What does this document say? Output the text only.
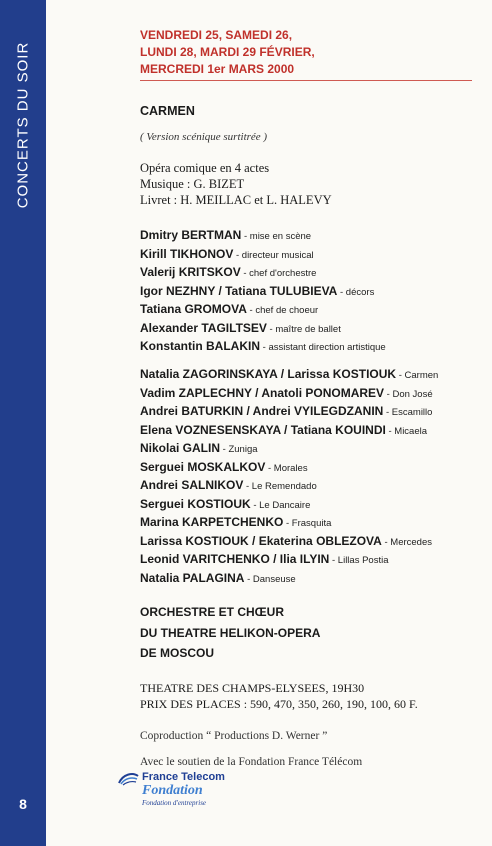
CONCERTS DU SOIR
8
VENDREDI 25, SAMEDI 26,
LUNDI 28, MARDI 29 FÉVRIER,
MERCREDI 1er MARS 2000
CARMEN
( Version scénique surtitrée )
Opéra comique en 4 actes
Musique : G. BIZET
Livret : H. MEILLAC et L. HALEVY
Dmitry BERTMAN - mise en scène
Kirill TIKHONOV - directeur musical
Valerij KRITSKOV - chef d'orchestre
Igor NEZHNY / Tatiana TULUBIEVA - décors
Tatiana GROMOVA - chef de choeur
Alexander TAGILTSEV - maître de ballet
Konstantin BALAKIN - assistant direction artistique
Natalia ZAGORINSKAYA / Larissa KOSTIOUK - Carmen
Vadim ZAPLECHNY / Anatoli PONOMAREV - Don José
Andrei BATURKIN / Andrei VYILEGDZANIN - Escamillo
Elena VOZNESENSKAYA / Tatiana KOUINDI - Micaela
Nikolai GALIN - Zuniga
Serguei MOSKALKOV - Morales
Andrei SALNIKOV - Le Remendado
Serguei KOSTIOUK - Le Dancaire
Marina KARPETCHENKO - Frasquita
Larissa KOSTIOUK / Ekaterina OBLEZOVA - Mercedes
Leonid VARITCHENKO / Ilia ILYIN - Lillas Postia
Natalia PALAGINA - Danseuse
ORCHESTRE ET CHŒUR
DU THEATRE HELIKON-OPERA
DE MOSCOU
THEATRE DES CHAMPS-ELYSEES, 19H30
PRIX DES PLACES : 590, 470, 350, 260, 190, 100, 60 F.
Coproduction “ Productions D. Werner ”
Avec le soutien de la Fondation France Télécom
France Telecom
Fondation
Fondation d'entreprise
